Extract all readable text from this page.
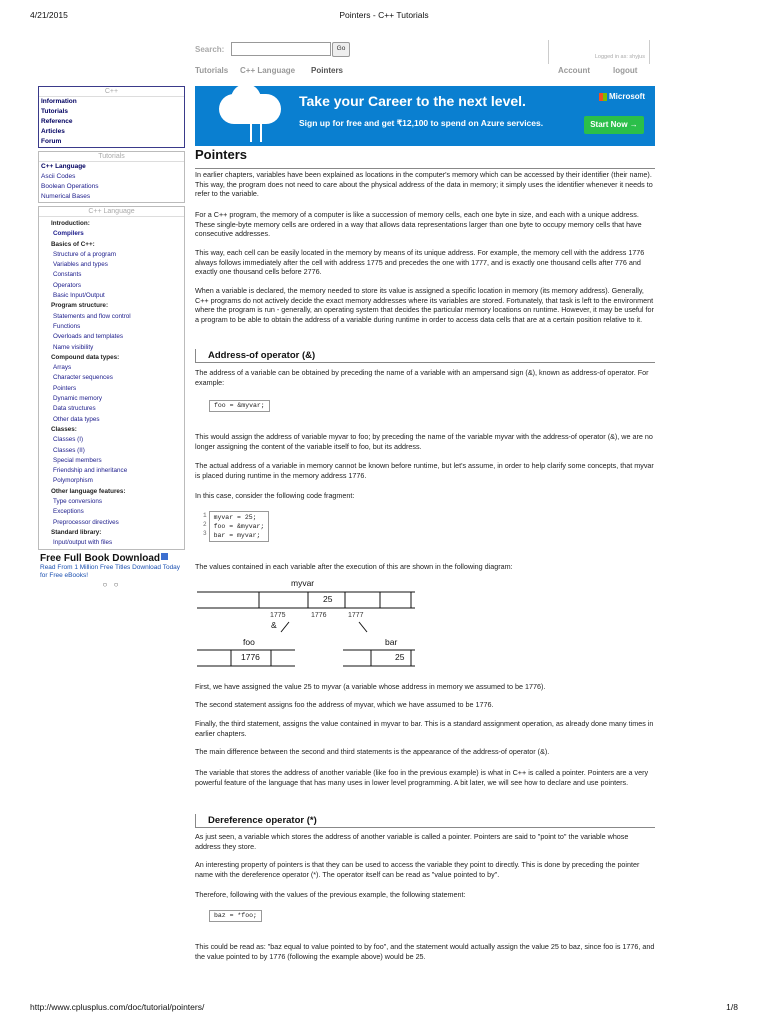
4/21/2015	Pointers - C++ Tutorials
http://www.cplusplus.com/doc/tutorial/pointers/	1/8
Search:	Go
Tutorials C++ Language Pointers
Logged in as: shyjus
Account	logout
C++
Information
Tutorials
Reference
Articles
Forum
Tutorials
C++ Language
Ascii Codes
Boolean Operations
Numerical Bases
C++ Language
Introduction:
Compilers
Basics of C++:
Structure of a program
Variables and types
Constants
Operators
Basic Input/Output
Program structure:
Statements and flow control
Functions
Overloads and templates
Name visibility
Compound data types:
Arrays
Character sequences
Pointers
Dynamic memory
Data structures
Other data types
Classes:
Classes (I)
Classes (II)
Special members
Friendship and inheritance
Polymorphism
Other language features:
Type conversions
Exceptions
Preprocessor directives
Standard library:
Input/output with files
Free Full Book Download
Read From 1 Million Free Titles Download Today for Free eBooks!
○ ○
Take your Career to the next level.
Sign up for free and get ₹12,100 to spend on Azure services.
Microsoft
Start Now →
Pointers

In earlier chapters, variables have been explained as locations in the computer's memory which can be accessed by their identifier (their name). This way, the program does not need to care about the physical address of the data in memory; it simply uses the identifier whenever it needs to refer to the variable.

For a C++ program, the memory of a computer is like a succession of memory cells, each one byte in size, and each with a unique address. These single-byte memory cells are ordered in a way that allows data representations larger than one byte to occupy memory cells that have consecutive addresses.

This way, each cell can be easily located in the memory by means of its unique address. For example, the memory cell with the address 1776 always follows immediately after the cell with address 1775 and precedes the one with 1777, and is exactly one thousand cells after 776 and exactly one thousand cells before 2776.

When a variable is declared, the memory needed to store its value is assigned a specific location in memory (its memory address). Generally, C++ programs do not actively decide the exact memory addresses where its variables are stored. Fortunately, that task is left to the environment where the program is run - generally, an operating system that decides the particular memory locations on runtime. However, it may be useful for a program to be able to obtain the address of a variable during runtime in order to access data cells that are at a certain position relative to it.

Address-of operator (&)

The address of a variable can be obtained by preceding the name of a variable with an ampersand sign (&), known as address-of operator. For example:

foo = &myvar;

This would assign the address of variable myvar to foo; by preceding the name of the variable myvar with the address-of operator (&), we are no longer assigning the content of the variable itself to foo, but its address.

The actual address of a variable in memory cannot be known before runtime, but let's assume, in order to help clarify some concepts, that myvar is placed during runtime in the memory address 1776.

In this case, consider the following code fragment:

1
2
3
myvar = 25;
foo = &myvar;
bar = myvar;

The values contained in each variable after the execution of this are shown in the following diagram:

myvar
25
1775	1776	1777
&
foo
1776
bar
25

First, we have assigned the value 25 to myvar (a variable whose address in memory we assumed to be 1776).

The second statement assigns foo the address of myvar, which we have assumed to be 1776.

Finally, the third statement, assigns the value contained in myvar to bar. This is a standard assignment operation, as already done many times in earlier chapters.

The main difference between the second and third statements is the appearance of the address-of operator (&).

The variable that stores the address of another variable (like foo in the previous example) is what in C++ is called a pointer. Pointers are a very powerful feature of the language that has many uses in lower level programming. A bit later, we will see how to declare and use pointers.

Dereference operator (*)

As just seen, a variable which stores the address of another variable is called a pointer. Pointers are said to "point to" the variable whose address they store.

An interesting property of pointers is that they can be used to access the variable they point to directly. This is done by preceding the pointer name with the dereference operator (*). The operator itself can be read as "value pointed to by".

Therefore, following with the values of the previous example, the following statement:

baz = *foo;

This could be read as: "baz equal to value pointed to by foo", and the statement would actually assign the value 25 to baz, since foo is 1776, and the value pointed to by 1776 (following the example above) would be 25.
